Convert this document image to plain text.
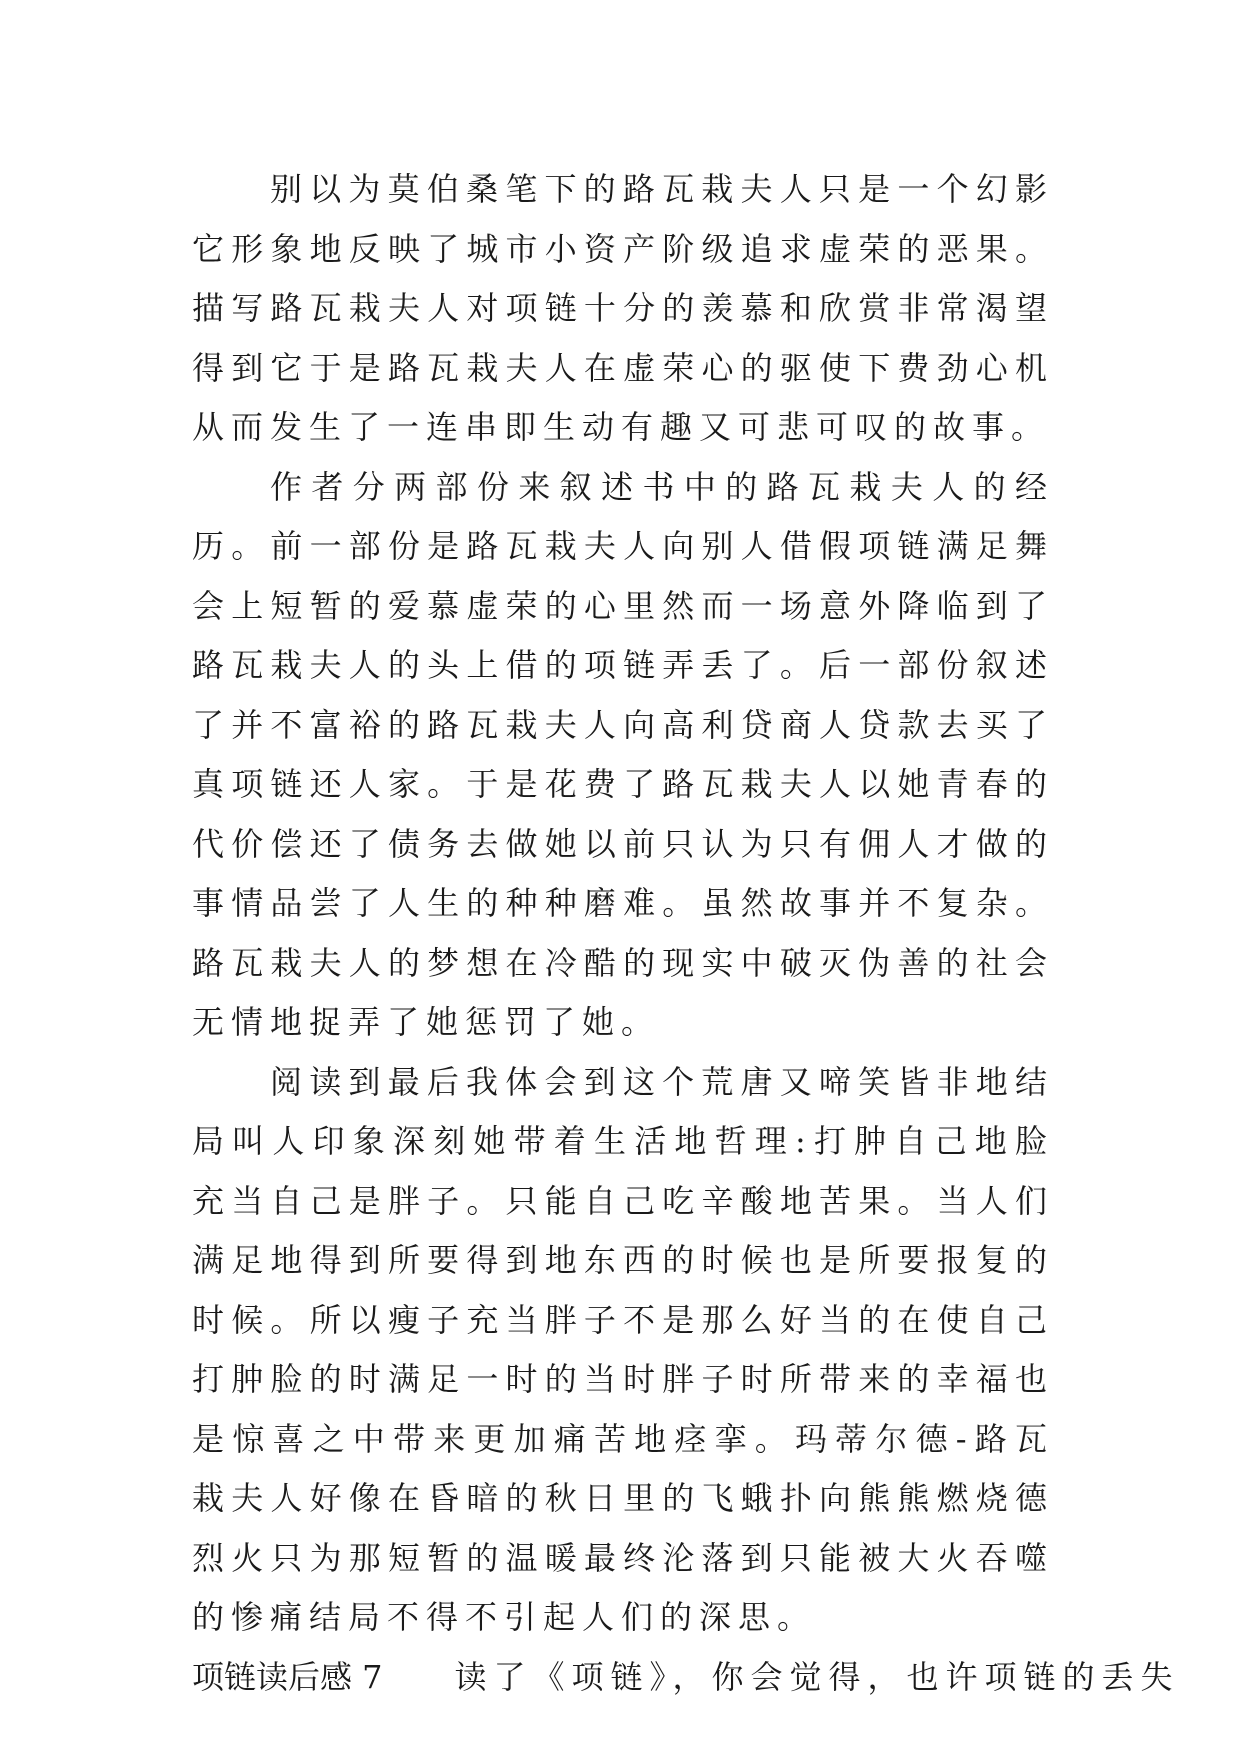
别以为莫伯桑笔下的路瓦栽夫人只是一个幻影它形象地反映了城市小资产阶级追求虚荣的恶果。描写路瓦栽夫人对项链十分的羡慕和欣赏非常渴望得到它于是路瓦栽夫人在虚荣心的驱使下费劲心机从而发生了一连串即生动有趣又可悲可叹的故事。

作者分两部份来叙述书中的路瓦栽夫人的经历。前一部份是路瓦栽夫人向别人借假项链满足舞会上短暂的爱慕虚荣的心里然而一场意外降临到了路瓦栽夫人的头上借的项链弄丢了。后一部份叙述了并不富裕的路瓦栽夫人向高利贷商人贷款去买了真项链还人家。于是花费了路瓦栽夫人以她青春的代价偿还了债务去做她以前只认为只有佣人才做的事情品尝了人生的种种磨难。虽然故事并不复杂。路瓦栽夫人的梦想在冷酷的现实中破灭伪善的社会无情地捉弄了她惩罚了她。

阅读到最后我体会到这个荒唐又啼笑皆非地结局叫人印象深刻她带着生活地哲理:打肿自己地脸充当自己是胖子。只能自己吃辛酸地苦果。当人们满足地得到所要得到地东西的时候也是所要报复的时候。所以瘦子充当胖子不是那么好当的在使自己打肿脸的时满足一时的当时胖子时所带来的幸福也是惊喜之中带来更加痛苦地痉挛。玛蒂尔德-路瓦栽夫人好像在昏暗的秋日里的飞蛾扑向熊熊燃烧德烈火只为那短暂的温暖最终沦落到只能被大火吞噬的惨痛结局不得不引起人们的深思。

项链读后感 7 读了《项链》，你会觉得，也许项链的丢失
